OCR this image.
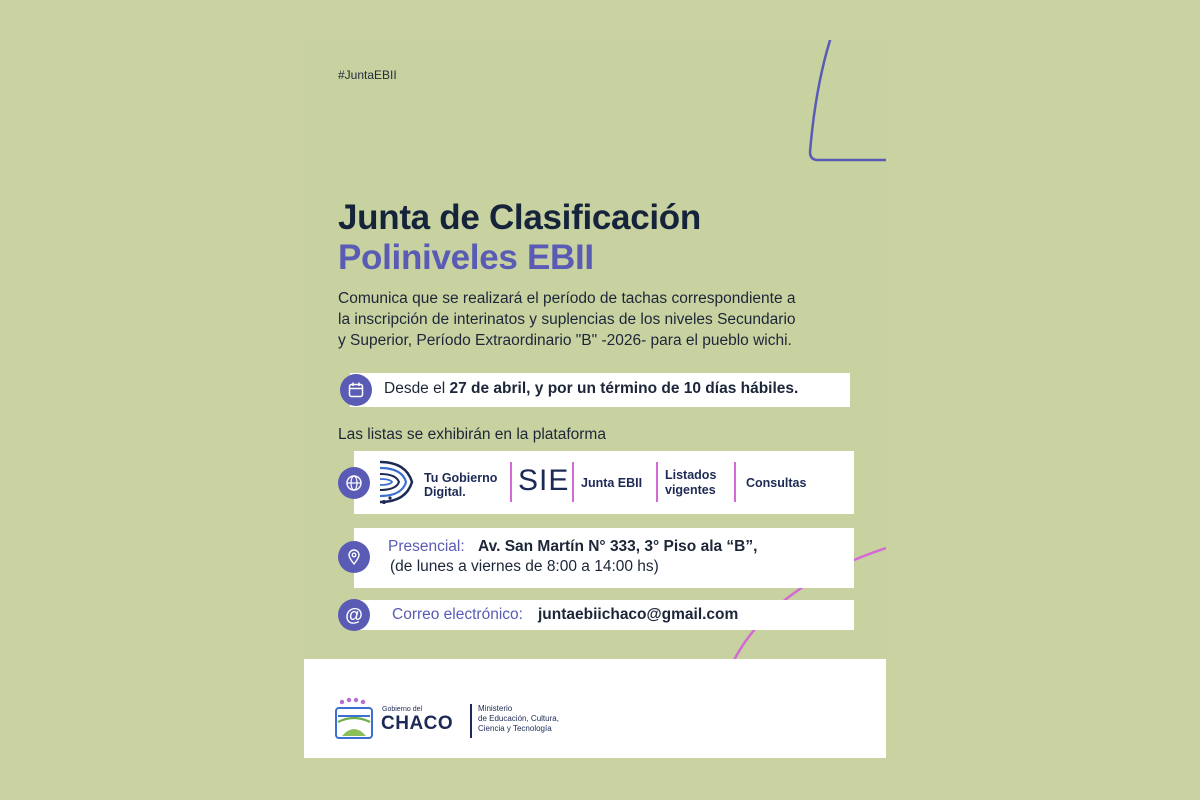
#JuntaEBII
Junta de Clasificación
Poliniveles EBII
Comunica que se realizará el período de tachas correspondiente a
la inscripción de interinatos y suplencias de los niveles Secundario
y Superior, Período Extraordinario "B" -2026- para el pueblo wichi.
Desde el 27 de abril, y por un término de 10 días hábiles.
Las listas se exhibirán en la plataforma
Tu Gobierno
Digital.	SIE Junta EBII
Listados
vigentes Consultas
Presencial: Av. San Martín N° 333, 3° Piso ala “B”,
(de lunes a viernes de 8:00 a 14:00 hs)
@ Correo electrónico: juntaebiichaco@gmail.com
Gobierno del
CHACO
Ministerio
de Educación, Cultura,
Ciencia y Tecnología
